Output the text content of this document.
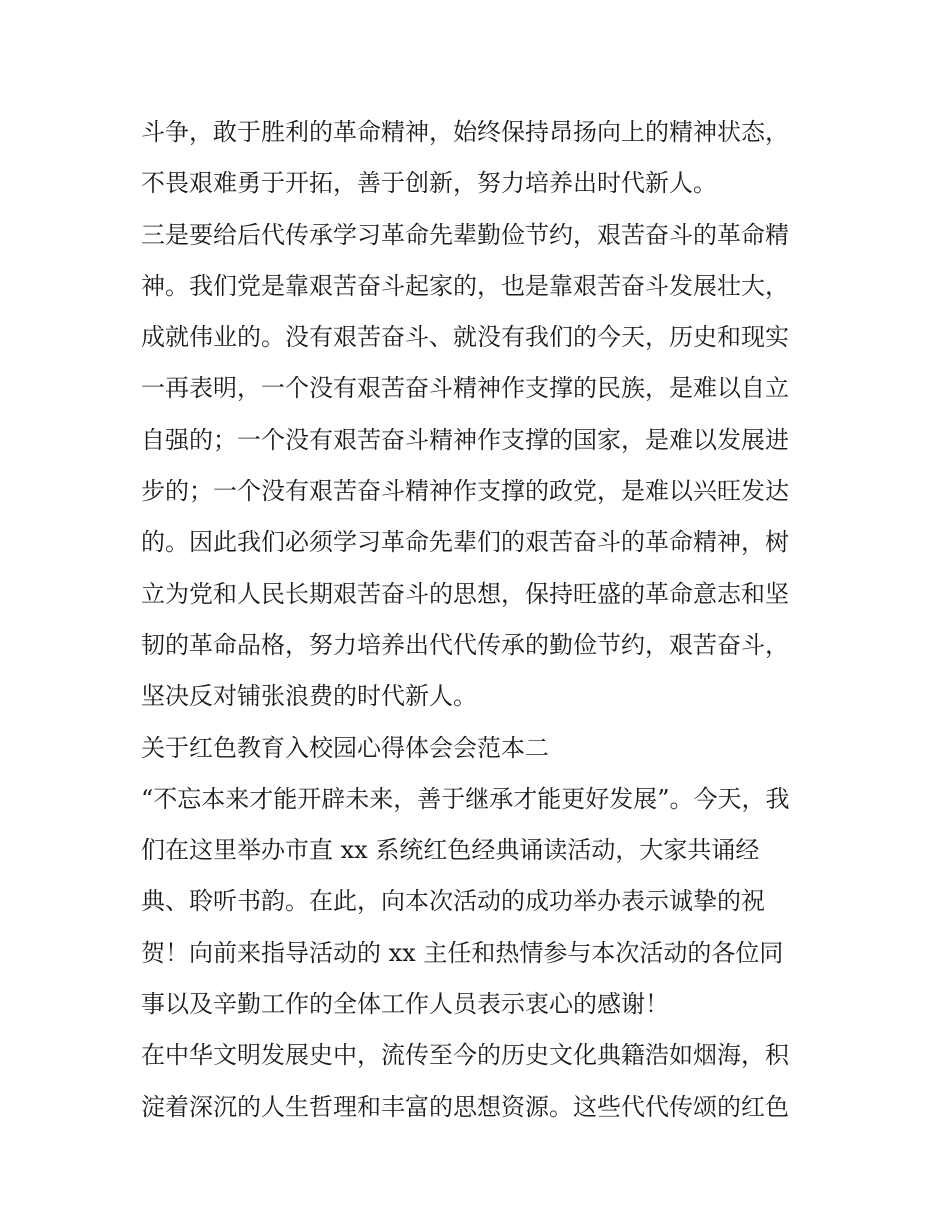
斗争，敢于胜利的革命精神，始终保持昂扬向上的精神状态，
不畏艰难勇于开拓，善于创新，努力培养出时代新人。
三是要给后代传承学习革命先辈勤俭节约，艰苦奋斗的革命精
神。我们党是靠艰苦奋斗起家的，也是靠艰苦奋斗发展壮大，
成就伟业的。没有艰苦奋斗、就没有我们的今天，历史和现实
一再表明，一个没有艰苦奋斗精神作支撑的民族，是难以自立
自强的；一个没有艰苦奋斗精神作支撑的国家，是难以发展进
步的；一个没有艰苦奋斗精神作支撑的政党，是难以兴旺发达
的。因此我们必须学习革命先辈们的艰苦奋斗的革命精神，树
立为党和人民长期艰苦奋斗的思想，保持旺盛的革命意志和坚
韧的革命品格，努力培养出代代传承的勤俭节约，艰苦奋斗，
坚决反对铺张浪费的时代新人。
关于红色教育入校园心得体会会范本二
“不忘本来才能开辟未来，善于继承才能更好发展”。今天，我
们在这里举办市直 xx 系统红色经典诵读活动，大家共诵经
典、聆听书韵。在此，向本次活动的成功举办表示诚挚的祝
贺！向前来指导活动的 xx 主任和热情参与本次活动的各位同
事以及辛勤工作的全体工作人员表示衷心的感谢！
在中华文明发展史中，流传至今的历史文化典籍浩如烟海，积
淀着深沉的人生哲理和丰富的思想资源。这些代代传颂的红色
